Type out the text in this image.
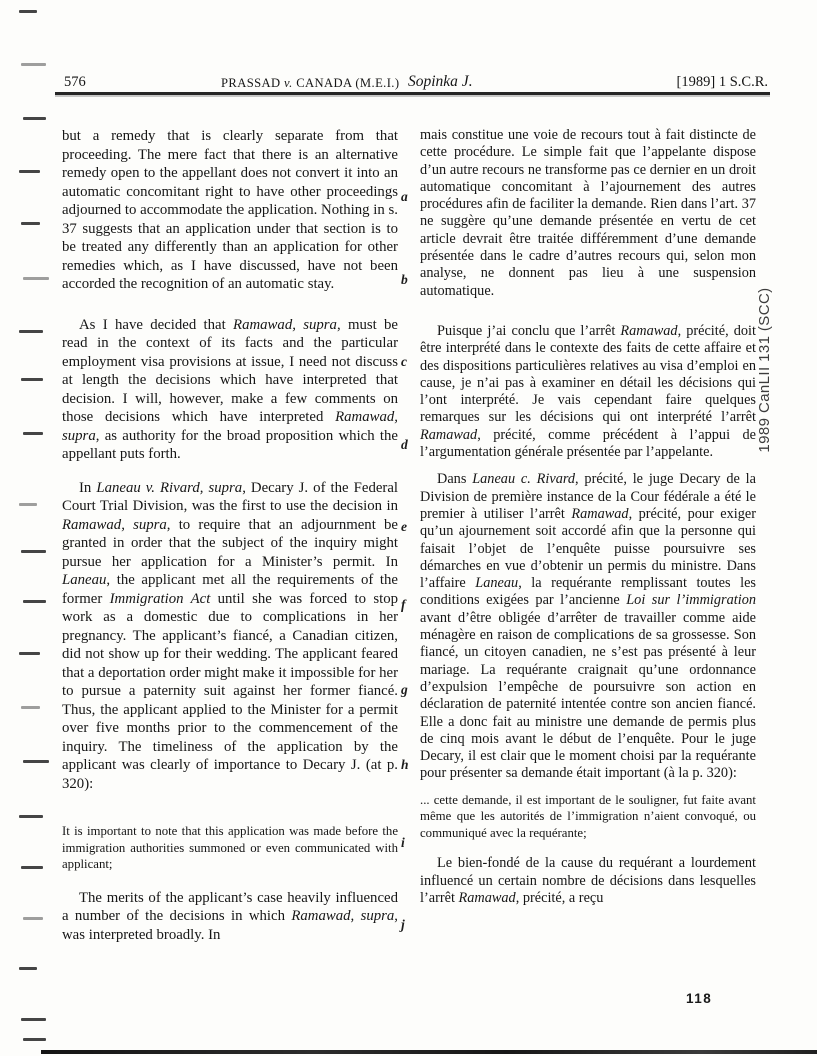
576	PRASSAD v. CANADA (M.E.I.) Sopinka J.	[1989] 1 S.C.R.

but a remedy that is clearly separate from that proceeding. The mere fact that there is an alternative remedy open to the appellant does not convert it into an automatic concomitant right to have other proceedings adjourned to accommodate the application. Nothing in s. 37 suggests that an application under that section is to be treated any differently than an application for other remedies which, as I have discussed, have not been accorded the recognition of an automatic stay.

As I have decided that Ramawad, supra, must be read in the context of its facts and the particular employment visa provisions at issue, I need not discuss at length the decisions which have interpreted that decision. I will, however, make a few comments on those decisions which have interpreted Ramawad, supra, as authority for the broad proposition which the appellant puts forth.

In Laneau v. Rivard, supra, Decary J. of the Federal Court Trial Division, was the first to use the decision in Ramawad, supra, to require that an adjournment be granted in order that the subject of the inquiry might pursue her application for a Minister’s permit. In Laneau, the applicant met all the requirements of the former Immigration Act until she was forced to stop work as a domestic due to complications in her pregnancy. The applicant’s fiancé, a Canadian citizen, did not show up for their wedding. The applicant feared that a deportation order might make it impossible for her to pursue a paternity suit against her former fiancé. Thus, the applicant applied to the Minister for a permit over five months prior to the commencement of the inquiry. The timeliness of the application by the applicant was clearly of importance to Decary J. (at p. 320):

It is important to note that this application was made before the immigration authorities summoned or even communicated with applicant;

The merits of the applicant’s case heavily influenced a number of the decisions in which Ramawad, supra, was interpreted broadly. In

mais constitue une voie de recours tout à fait distincte de cette procédure. Le simple fait que l’appelante dispose d’un autre recours ne transforme pas ce dernier en un droit automatique concomitant à l’ajournement des autres procédures afin de faciliter la demande. Rien dans l’art. 37 ne suggère qu’une demande présentée en vertu de cet article devrait être traitée différemment d’une demande présentée dans le cadre d’autres recours qui, selon mon analyse, ne donnent pas lieu à une suspension automatique.

Puisque j’ai conclu que l’arrêt Ramawad, précité, doit être interprété dans le contexte des faits de cette affaire et des dispositions particulières relatives au visa d’emploi en cause, je n’ai pas à examiner en détail les décisions qui l’ont interprété. Je vais cependant faire quelques remarques sur les décisions qui ont interprété l’arrêt Ramawad, précité, comme précédent à l’appui de l’argumentation générale présentée par l’appelante.

Dans Laneau c. Rivard, précité, le juge Decary de la Division de première instance de la Cour fédérale a été le premier à utiliser l’arrêt Ramawad, précité, pour exiger qu’un ajournement soit accordé afin que la personne qui faisait l’objet de l’enquête puisse poursuivre ses démarches en vue d’obtenir un permis du ministre. Dans l’affaire Laneau, la requérante remplissant toutes les conditions exigées par l’ancienne Loi sur l’immigration avant d’être obligée d’arrêter de travailler comme aide ménagère en raison de complications de sa grossesse. Son fiancé, un citoyen canadien, ne s’est pas présenté à leur mariage. La requérante craignait qu’une ordonnance d’expulsion l’empêche de poursuivre son action en déclaration de paternité intentée contre son ancien fiancé. Elle a donc fait au ministre une demande de permis plus de cinq mois avant le début de l’enquête. Pour le juge Decary, il est clair que le moment choisi par la requérante pour présenter sa demande était important (à la p. 320):

... cette demande, il est important de le souligner, fut faite avant même que les autorités de l’immigration n’aient convoqué, ou communiqué avec la requérante;

Le bien-fondé de la cause du requérant a lourdement influencé un certain nombre de décisions dans lesquelles l’arrêt Ramawad, précité, a reçu

a
b
c
d
e
f
g
h
i
j
1989 CanLII 131 (SCC)
118
